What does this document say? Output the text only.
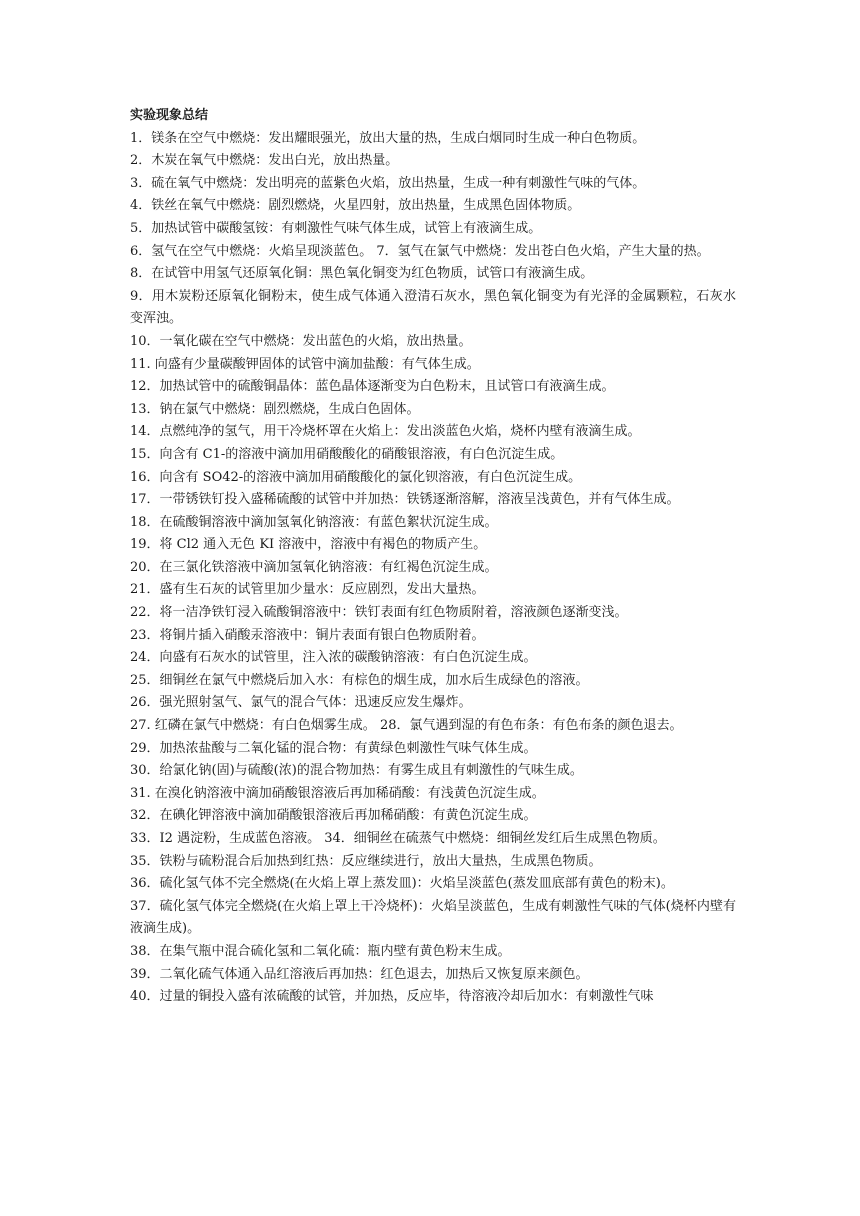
实验现象总结
1．镁条在空气中燃烧：发出耀眼强光，放出大量的热，生成白烟同时生成一种白色物质。
2．木炭在氧气中燃烧：发出白光，放出热量。
3．硫在氧气中燃烧：发出明亮的蓝紫色火焰，放出热量，生成一种有刺激性气味的气体。
4．铁丝在氧气中燃烧：剧烈燃烧，火星四射，放出热量，生成黑色固体物质。
5．加热试管中碳酸氢铵：有刺激性气味气体生成，试管上有液滴生成。
6．氢气在空气中燃烧：火焰呈现淡蓝色。 7．氢气在氯气中燃烧：发出苍白色火焰，产生大量的热。
8．在试管中用氢气还原氧化铜：黑色氧化铜变为红色物质，试管口有液滴生成。
9．用木炭粉还原氧化铜粉末，使生成气体通入澄清石灰水，黑色氧化铜变为有光泽的金属颗粒，石灰水变浑浊。
10．一氧化碳在空气中燃烧：发出蓝色的火焰，放出热量。
11. 向盛有少量碳酸钾固体的试管中滴加盐酸：有气体生成。
12．加热试管中的硫酸铜晶体：蓝色晶体逐渐变为白色粉末，且试管口有液滴生成。
13．钠在氯气中燃烧：剧烈燃烧，生成白色固体。
14．点燃纯净的氢气，用干冷烧杯罩在火焰上：发出淡蓝色火焰，烧杯内壁有液滴生成。
15．向含有 C1-的溶液中滴加用硝酸酸化的硝酸银溶液，有白色沉淀生成。
16．向含有 SO42-的溶液中滴加用硝酸酸化的氯化钡溶液，有白色沉淀生成。
17．一带锈铁钉投入盛稀硫酸的试管中并加热：铁锈逐渐溶解，溶液呈浅黄色，并有气体生成。
18．在硫酸铜溶液中滴加氢氧化钠溶液：有蓝色絮状沉淀生成。
19．将 Cl2 通入无色 KI 溶液中，溶液中有褐色的物质产生。
20．在三氯化铁溶液中滴加氢氧化钠溶液：有红褐色沉淀生成。
21．盛有生石灰的试管里加少量水：反应剧烈，发出大量热。
22．将一洁净铁钉浸入硫酸铜溶液中：铁钉表面有红色物质附着，溶液颜色逐渐变浅。
23．将铜片插入硝酸汞溶液中：铜片表面有银白色物质附着。
24．向盛有石灰水的试管里，注入浓的碳酸钠溶液：有白色沉淀生成。
25．细铜丝在氯气中燃烧后加入水：有棕色的烟生成，加水后生成绿色的溶液。
26．强光照射氢气、氯气的混合气体：迅速反应发生爆炸。
27. 红磷在氯气中燃烧：有白色烟雾生成。 28．氯气遇到湿的有色布条：有色布条的颜色退去。
29．加热浓盐酸与二氧化锰的混合物：有黄绿色刺激性气味气体生成。
30．给氯化钠(固)与硫酸(浓)的混合物加热：有雾生成且有刺激性的气味生成。
31. 在溴化钠溶液中滴加硝酸银溶液后再加稀硝酸：有浅黄色沉淀生成。
32．在碘化钾溶液中滴加硝酸银溶液后再加稀硝酸：有黄色沉淀生成。
33．I2 遇淀粉，生成蓝色溶液。 34．细铜丝在硫蒸气中燃烧：细铜丝发红后生成黑色物质。
35．铁粉与硫粉混合后加热到红热：反应继续进行，放出大量热，生成黑色物质。
36．硫化氢气体不完全燃烧(在火焰上罩上蒸发皿)：火焰呈淡蓝色(蒸发皿底部有黄色的粉末)。
37．硫化氢气体完全燃烧(在火焰上罩上干冷烧杯)：火焰呈淡蓝色，生成有刺激性气味的气体(烧杯内壁有液滴生成)。
38．在集气瓶中混合硫化氢和二氧化硫：瓶内壁有黄色粉末生成。
39．二氧化硫气体通入品红溶液后再加热：红色退去，加热后又恢复原来颜色。
40．过量的铜投入盛有浓硫酸的试管，并加热，反应毕，待溶液冷却后加水：有刺激性气味
